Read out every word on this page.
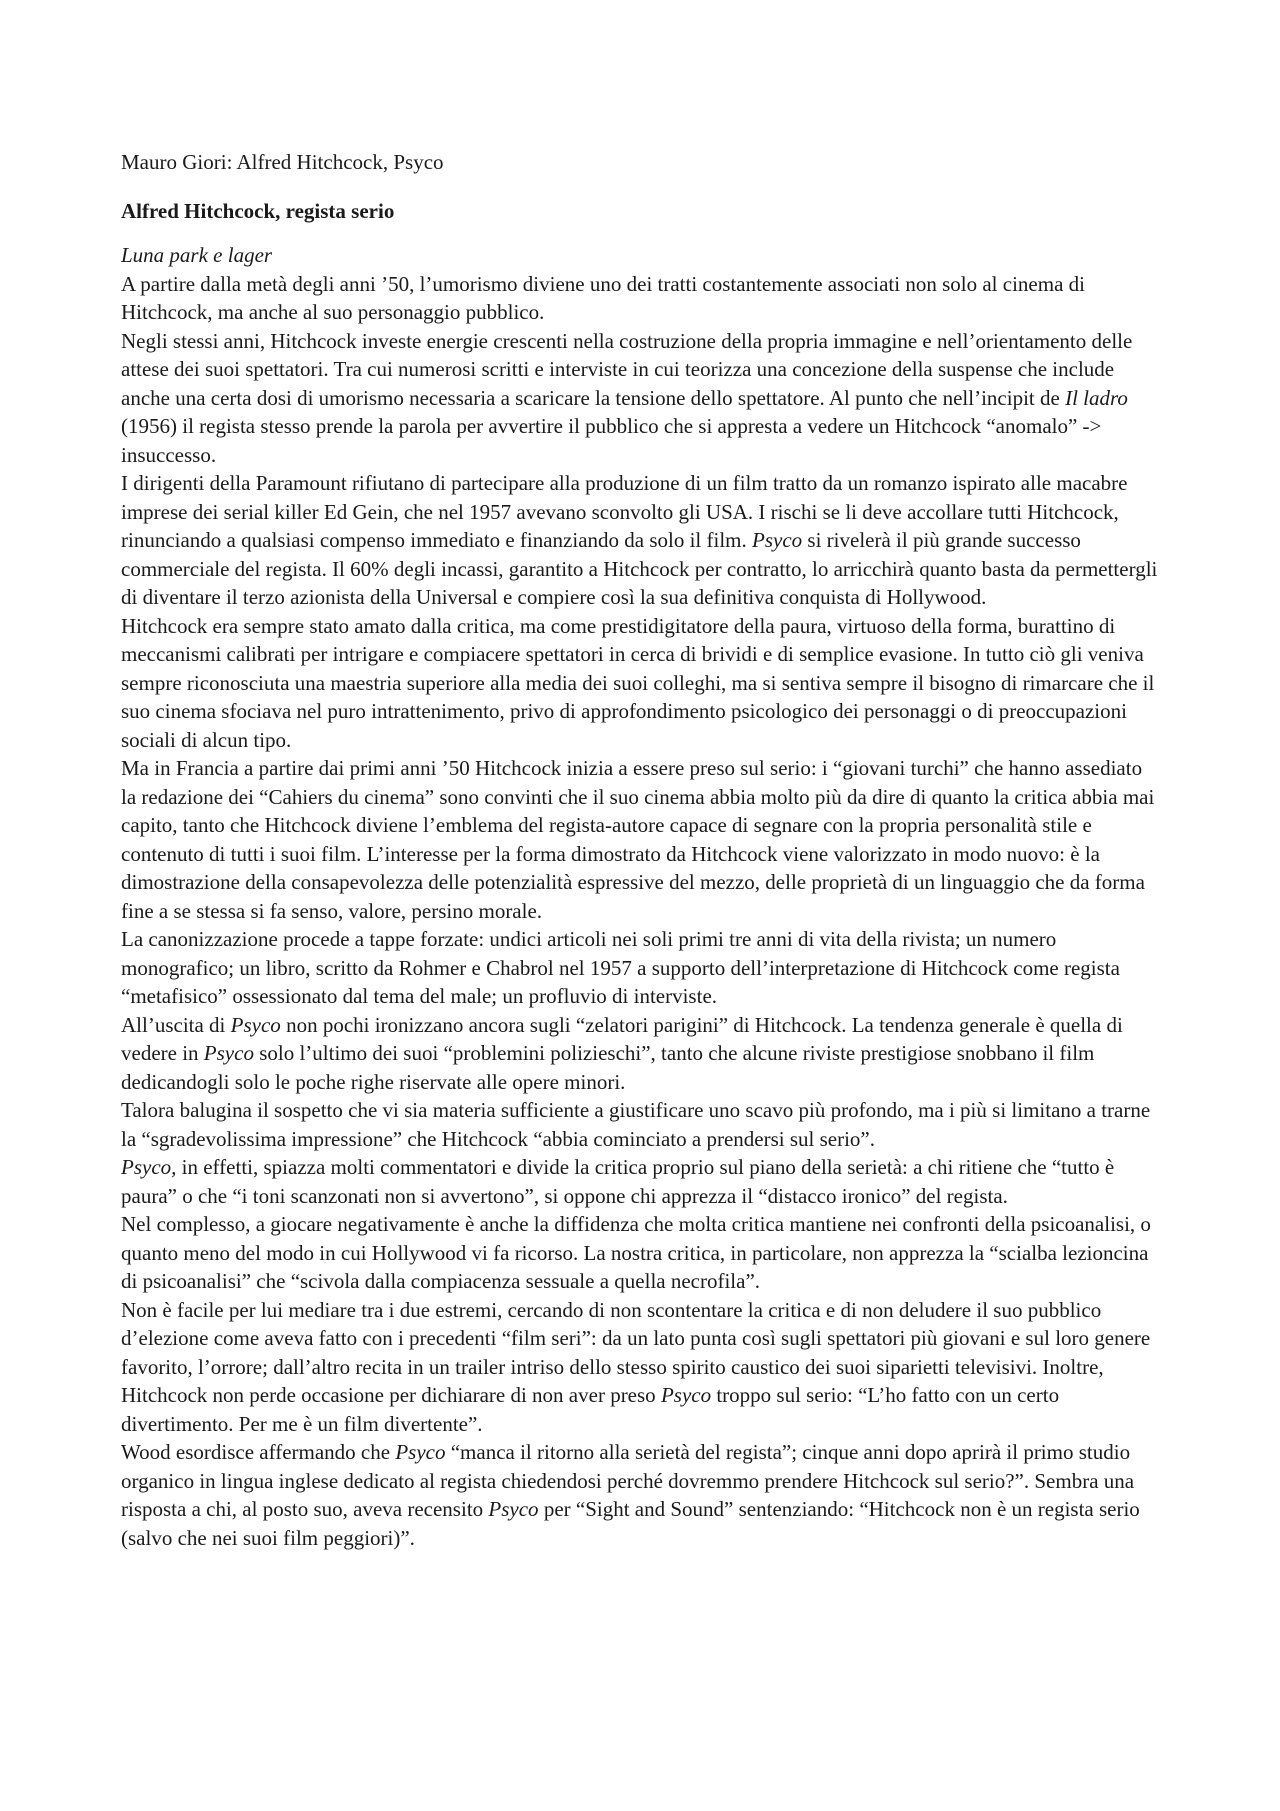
Mauro Giori: Alfred Hitchcock, Psyco

Alfred Hitchcock, regista serio

Luna park e lager

A partire dalla metà degli anni ’50, l’umorismo diviene uno dei tratti costantemente associati non solo al cinema di Hitchcock, ma anche al suo personaggio pubblico.

Negli stessi anni, Hitchcock investe energie crescenti nella costruzione della propria immagine e nell’orientamento delle attese dei suoi spettatori. Tra cui numerosi scritti e interviste in cui teorizza una concezione della suspense che include anche una certa dosi di umorismo necessaria a scaricare la tensione dello spettatore. Al punto che nell’incipit de Il ladro (1956) il regista stesso prende la parola per avvertire il pubblico che si appresta a vedere un Hitchcock “anomalo” -> insuccesso.

I dirigenti della Paramount rifiutano di partecipare alla produzione di un film tratto da un romanzo ispirato alle macabre imprese dei serial killer Ed Gein, che nel 1957 avevano sconvolto gli USA. I rischi se li deve accollare tutti Hitchcock, rinunciando a qualsiasi compenso immediato e finanziando da solo il film. Psyco si rivelerà il più grande successo commerciale del regista. Il 60% degli incassi, garantito a Hitchcock per contratto, lo arricchirà quanto basta da permettergli di diventare il terzo azionista della Universal e compiere così la sua definitiva conquista di Hollywood.

Hitchcock era sempre stato amato dalla critica, ma come prestidigitatore della paura, virtuoso della forma, burattino di meccanismi calibrati per intrigare e compiacere spettatori in cerca di brividi e di semplice evasione. In tutto ciò gli veniva sempre riconosciuta una maestria superiore alla media dei suoi colleghi, ma si sentiva sempre il bisogno di rimarcare che il suo cinema sfociava nel puro intrattenimento, privo di approfondimento psicologico dei personaggi o di preoccupazioni sociali di alcun tipo.

Ma in Francia a partire dai primi anni ’50 Hitchcock inizia a essere preso sul serio: i “giovani turchi” che hanno assediato la redazione dei “Cahiers du cinema” sono convinti che il suo cinema abbia molto più da dire di quanto la critica abbia mai capito, tanto che Hitchcock diviene l’emblema del regista-autore capace di segnare con la propria personalità stile e contenuto di tutti i suoi film. L’interesse per la forma dimostrato da Hitchcock viene valorizzato in modo nuovo: è la dimostrazione della consapevolezza delle potenzialità espressive del mezzo, delle proprietà di un linguaggio che da forma fine a se stessa si fa senso, valore, persino morale.

La canonizzazione procede a tappe forzate: undici articoli nei soli primi tre anni di vita della rivista; un numero monografico; un libro, scritto da Rohmer e Chabrol nel 1957 a supporto dell’interpretazione di Hitchcock come regista “metafisico” ossessionato dal tema del male; un profluvio di interviste.

All’uscita di Psyco non pochi ironizzano ancora sugli “zelatori parigini” di Hitchcock. La tendenza generale è quella di vedere in Psyco solo l’ultimo dei suoi “problemini polizieschi”, tanto che alcune riviste prestigiose snobbano il film dedicandogli solo le poche righe riservate alle opere minori.

Talora balugina il sospetto che vi sia materia sufficiente a giustificare uno scavo più profondo, ma i più si limitano a trarne la “sgradevolissima impressione” che Hitchcock “abbia cominciato a prendersi sul serio”.

Psyco, in effetti, spiazza molti commentatori e divide la critica proprio sul piano della serietà: a chi ritiene che “tutto è paura” o che “i toni scanzonati non si avvertono”, si oppone chi apprezza il “distacco ironico” del regista.

Nel complesso, a giocare negativamente è anche la diffidenza che molta critica mantiene nei confronti della psicoanalisi, o quanto meno del modo in cui Hollywood vi fa ricorso. La nostra critica, in particolare, non apprezza la “scialba lezioncina di psicoanalisi” che “scivola dalla compiacenza sessuale a quella necrofila”.

Non è facile per lui mediare tra i due estremi, cercando di non scontentare la critica e di non deludere il suo pubblico d’elezione come aveva fatto con i precedenti “film seri”: da un lato punta così sugli spettatori più giovani e sul loro genere favorito, l’orrore; dall’altro recita in un trailer intriso dello stesso spirito caustico dei suoi siparietti televisivi. Inoltre, Hitchcock non perde occasione per dichiarare di non aver preso Psyco troppo sul serio: “L’ho fatto con un certo divertimento. Per me è un film divertente”.

Wood esordisce affermando che Psyco “manca il ritorno alla serietà del regista”; cinque anni dopo aprirà il primo studio organico in lingua inglese dedicato al regista chiedendosi perché dovremmo prendere Hitchcock sul serio?”. Sembra una risposta a chi, al posto suo, aveva recensito Psyco per “Sight and Sound” sentenziando: “Hitchcock non è un regista serio (salvo che nei suoi film peggiori)”.
